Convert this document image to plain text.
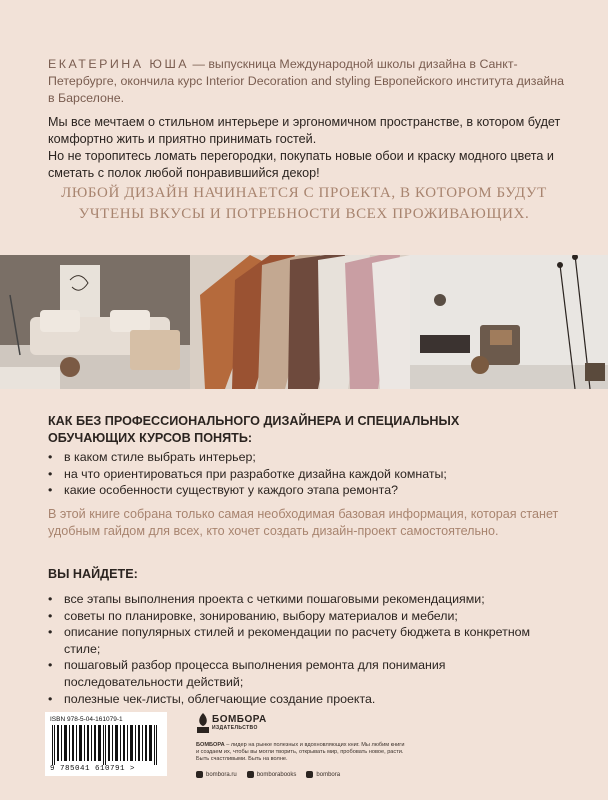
ЕКАТЕРИНА ЮША — выпускница Международной школы дизайна в Санкт-Петербурге, окончила курс Interior Decoration and styling Европейского института дизайна в Барселоне.

Мы все мечтаем о стильном интерьере и эргономичном пространстве, в котором будет комфортно жить и приятно принимать гостей.

Но не торопитесь ломать перегородки, покупать новые обои и краску модного цвета и сметать с полок любой понравившийся декор!

ЛЮБОЙ ДИЗАЙН НАЧИНАЕТСЯ С ПРОЕКТА, В КОТОРОМ БУДУТ УЧТЕНЫ ВКУСЫ И ПОТРЕБНОСТИ ВСЕХ ПРОЖИВАЮЩИХ.
КАК БЕЗ ПРОФЕССИОНАЛЬНОГО ДИЗАЙНЕРА И СПЕЦИАЛЬНЫХ ОБУЧАЮЩИХ КУРСОВ ПОНЯТЬ:
• в каком стиле выбрать интерьер;
• на что ориентироваться при разработке дизайна каждой комнаты;
• какие особенности существуют у каждого этапа ремонта?
В этой книге собрана только самая необходимая базовая информация, которая станет удобным гайдом для всех, кто хочет создать дизайн-проект самостоятельно.
ВЫ НАЙДЕТЕ:
• все этапы выполнения проекта с четкими пошаговыми рекомендациями;
• советы по планировке, зонированию, выбору материалов и мебели;
• описание популярных стилей и рекомендации по расчету бюджета в конкретном стиле;
• пошаговый разбор процесса выполнения ремонта для понимания последовательности действий;
• полезные чек-листы, облегчающие создание проекта.
ISBN 978-5-04-161079-1
9 785041 610791 >
БОМБОРА
ИЗДАТЕЛЬСТВО
БОМБОРА – лидер на рынке полезных и вдохновляющих книг. Мы любим книги и создаем их, чтобы вы могли творить, открывать мир, пробовать новое, расти. Быть счастливыми. Быть на волне.
bombora.ru	bomborabooks	bombora
